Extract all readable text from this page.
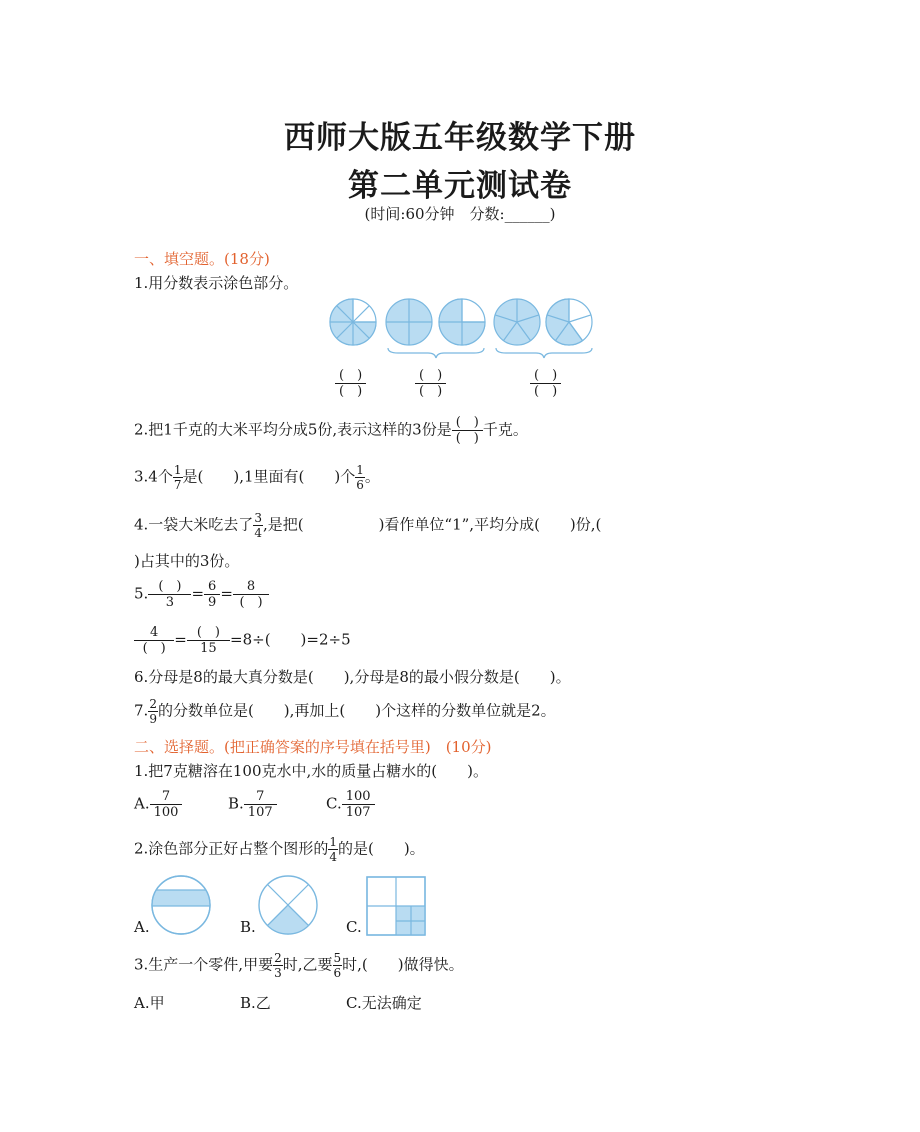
西师大版五年级数学下册
第二单元测试卷
(时间:60分钟　分数:______)
一、填空题。(18分)
1.用分数表示涂色部分。
$\frac{( )}{( )}$	$\frac{( )}{( )}$	$\frac{( )}{( )}$
2.把1千克的大米平均分成5份,表示这样的3份是 $\frac{( )}{( )}$ 千克。
3.4个 $\frac{1}{7}$ 是(　　),1里面有(　　)个 $\frac{1}{6}$ 。
4.一袋大米吃去了 $\frac{3}{4}$ ,是把(　　　　　)看作单位“1”,平均分成(　　)份,(
)占其中的3份。
5. $\frac{( )}{3} = \frac{6}{9} = \frac{8}{( )}$
$\frac{4}{( )} = \frac{( )}{15} =8\div$(　　)=2÷5
6.分母是8的最大真分数是(　　),分母是8的最小假分数是(　　)。
7. $\frac{2}{9}$ 的分数单位是(　　),再加上(　　)个这样的分数单位就是2。
二、选择题。(把正确答案的序号填在括号里)　(10分)
1.把7克糖溶在100克水中,水的质量占糖水的(　　)。
A. $\frac{7}{100}$	B. $\frac{7}{107}$	C. $\frac{100}{107}$
2.涂色部分正好占整个图形的 $\frac{1}{4}$ 的是(　　)。
A.	B.	C.
3.生产一个零件,甲要 $\frac{2}{3}$ 时,乙要 $\frac{5}{6}$ 时,(　　)做得快。
A.甲	B.乙	C.无法确定
